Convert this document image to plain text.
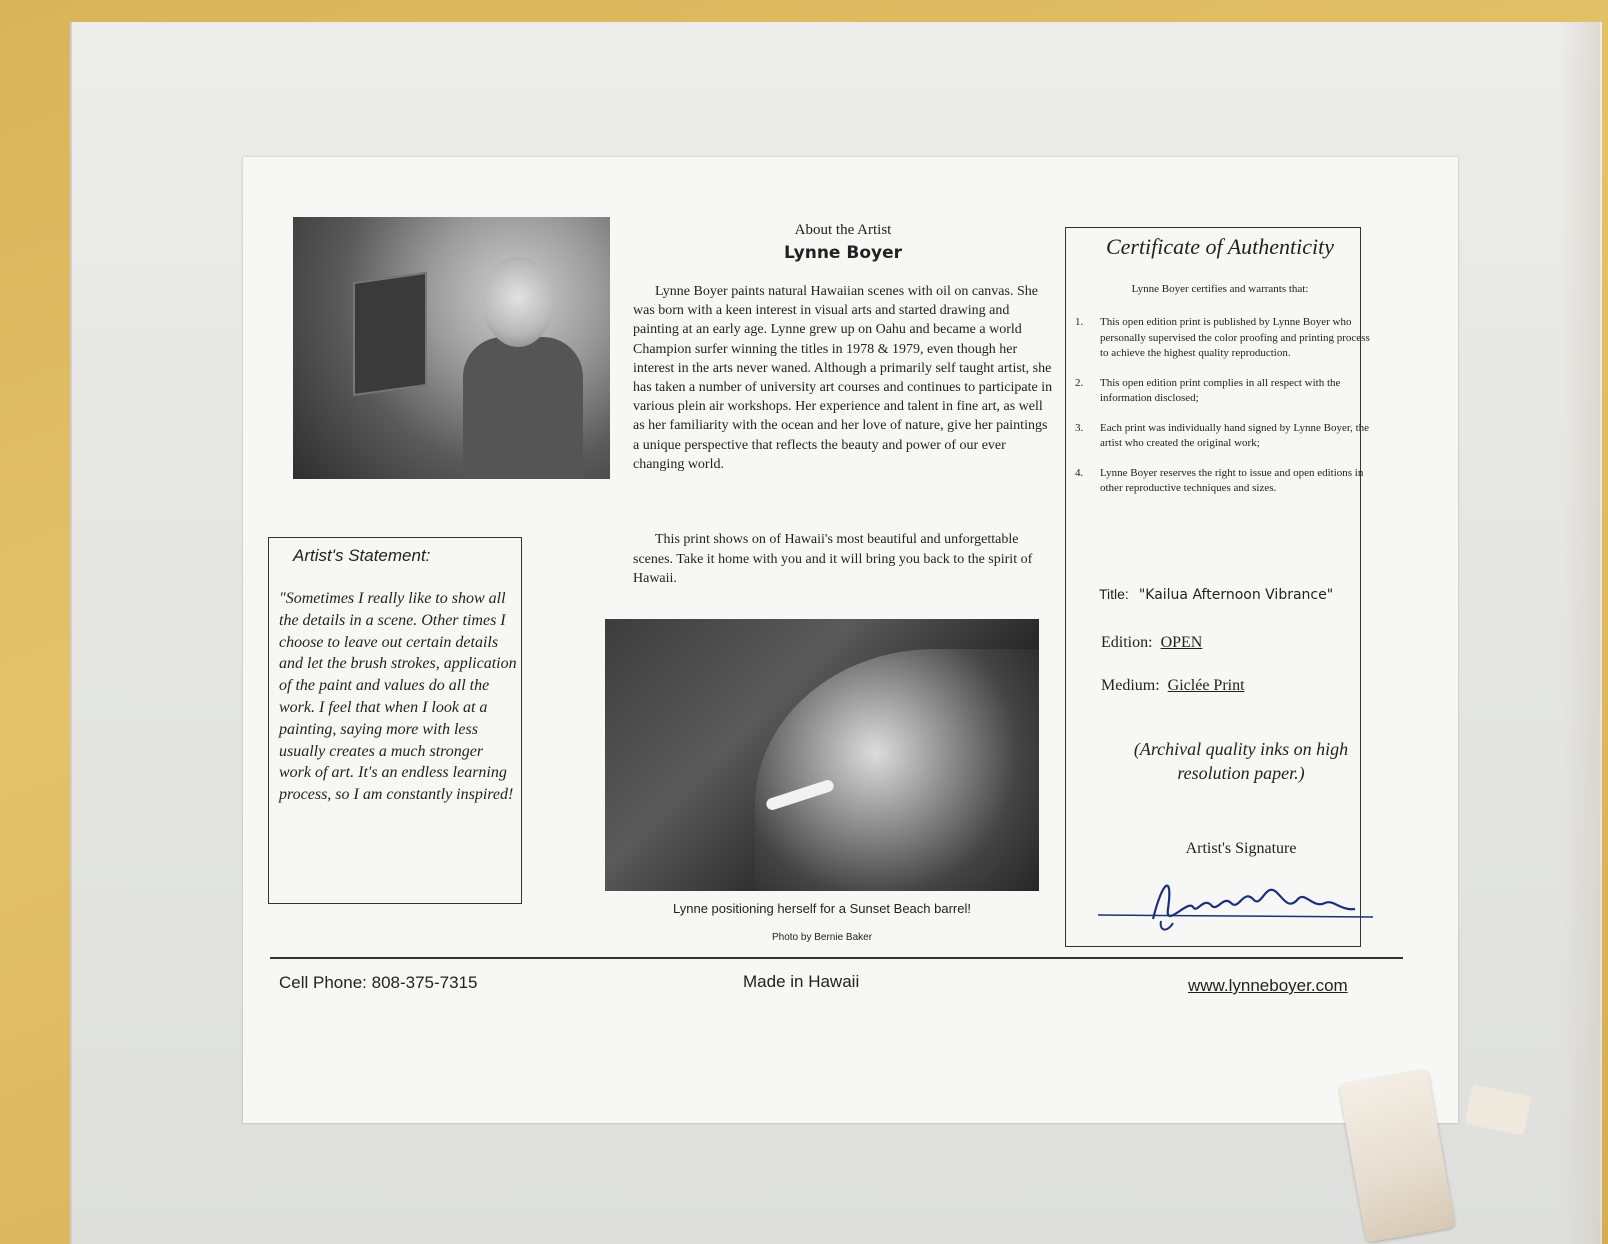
About the Artist
Lynne Boyer
Lynne Boyer paints natural Hawaiian scenes with oil on canvas. She was born with a keen interest in visual arts and started drawing and painting at an early age. Lynne grew up on Oahu and became a world Champion surfer winning the titles in 1978 & 1979, even though her interest in the arts never waned. Although a primarily self taught artist, she has taken a number of university art courses and continues to participate in various plein air workshops. Her experience and talent in fine art, as well as her familiarity with the ocean and her love of nature, give her paintings a unique perspective that reflects the beauty and power of our ever changing world.
This print shows on of Hawaii's most beautiful and unforgettable scenes. Take it home with you and it will bring you back to the spirit of Hawaii.
Lynne positioning herself for a Sunset Beach barrel!
Photo by Bernie Baker
Artist's Statement:
"Sometimes I really like to show all the details in a scene. Other times I choose to leave out certain details and let the brush strokes, application of the paint and values do all the work. I feel that when I look at a painting, saying more with less usually creates a much stronger work of art. It's an endless learning process, so I am constantly inspired!
Certificate of Authenticity
Lynne Boyer certifies and warrants that:
1. This open edition print is published by Lynne Boyer who personally supervised the color proofing and printing process to achieve the highest quality reproduction.
2. This open edition print complies in all respect with the information disclosed;
3. Each print was individually hand signed by Lynne Boyer, the artist who created the original work;
4. Lynne Boyer reserves the right to issue and open editions in other reproductive techniques and sizes.
Title: "Kailua Afternoon Vibrance"
Edition: OPEN
Medium: Giclée Print
(Archival quality inks on high resolution paper.)
Artist's Signature
Cell Phone: 808-375-7315	Made in Hawaii	www.lynneboyer.com
